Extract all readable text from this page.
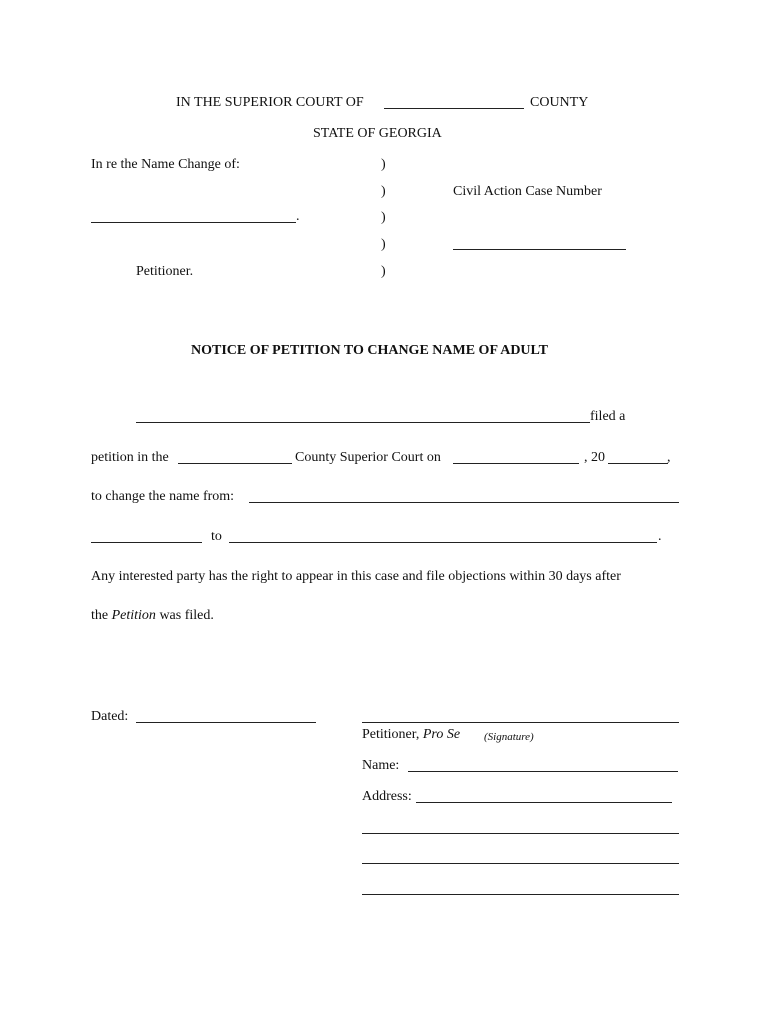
IN THE SUPERIOR COURT OF	COUNTY
STATE OF GEORGIA
In re the Name Change of:	)
)	Civil Action Case Number
.	)
)
Petitioner.	)
NOTICE OF PETITION TO CHANGE NAME OF ADULT
filed a
petition in the	County Superior Court on	, 20	,
to change the name from:
to	.
Any interested party has the right to appear in this case and file objections within 30 days after
the Petition was filed.
Dated:
Petitioner, Pro Se (Signature)
Name:
Address:
